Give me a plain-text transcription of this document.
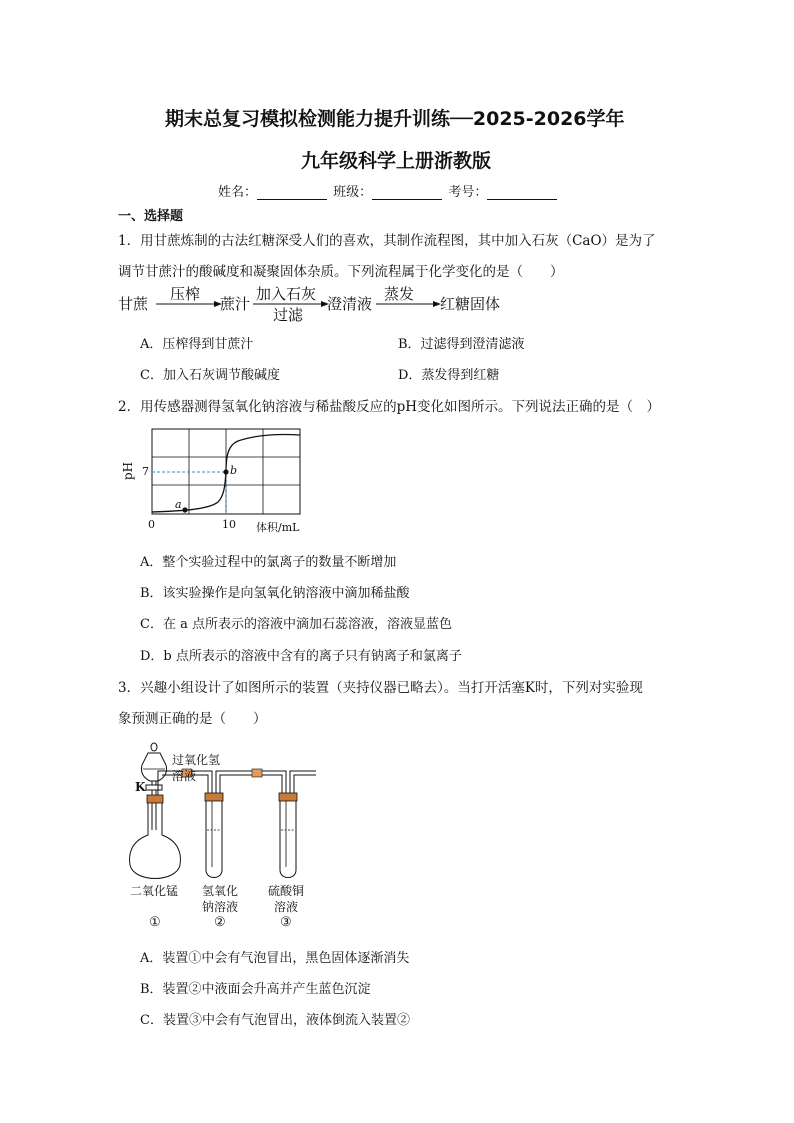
期末总复习模拟检测能力提升训练──2025-2026学年
九年级科学上册浙教版
姓名：	班级：	考号：
一、选择题
1．用甘蔗炼制的古法红糖深受人们的喜欢，其制作流程图，其中加入石灰（CaO）是为了
调节甘蔗汁的酸碱度和凝聚固体杂质。下列流程属于化学变化的是（　　）
甘蔗
压榨
蔗汁
加入石灰
过滤
澄清液
蒸发
红糖固体
A．压榨得到甘蔗汁	B．过滤得到澄清滤液
C．加入石灰调节酸碱度	D．蒸发得到红糖
2．用传感器测得氢氧化钠溶液与稀盐酸反应的pH变化如图所示。下列说法正确的是（　）
pH 7
0	10 体积/mL
a
b
A．整个实验过程中的氯离子的数量不断增加
B．该实验操作是向氢氧化钠溶液中滴加稀盐酸
C．在 a 点所表示的溶液中滴加石蕊溶液，溶液显蓝色
D．b 点所表示的溶液中含有的离子只有钠离子和氯离子
3．兴趣小组设计了如图所示的装置（夹持仪器已略去）。当打开活塞K时，下列对实验现
象预测正确的是（　　）
过氧化氢
溶液
K
二氧化锰 氢氧化
钠溶液
硫酸铜
溶液
①	②	③
A．装置①中会有气泡冒出，黑色固体逐渐消失
B．装置②中液面会升高并产生蓝色沉淀
C．装置③中会有气泡冒出，液体倒流入装置②
